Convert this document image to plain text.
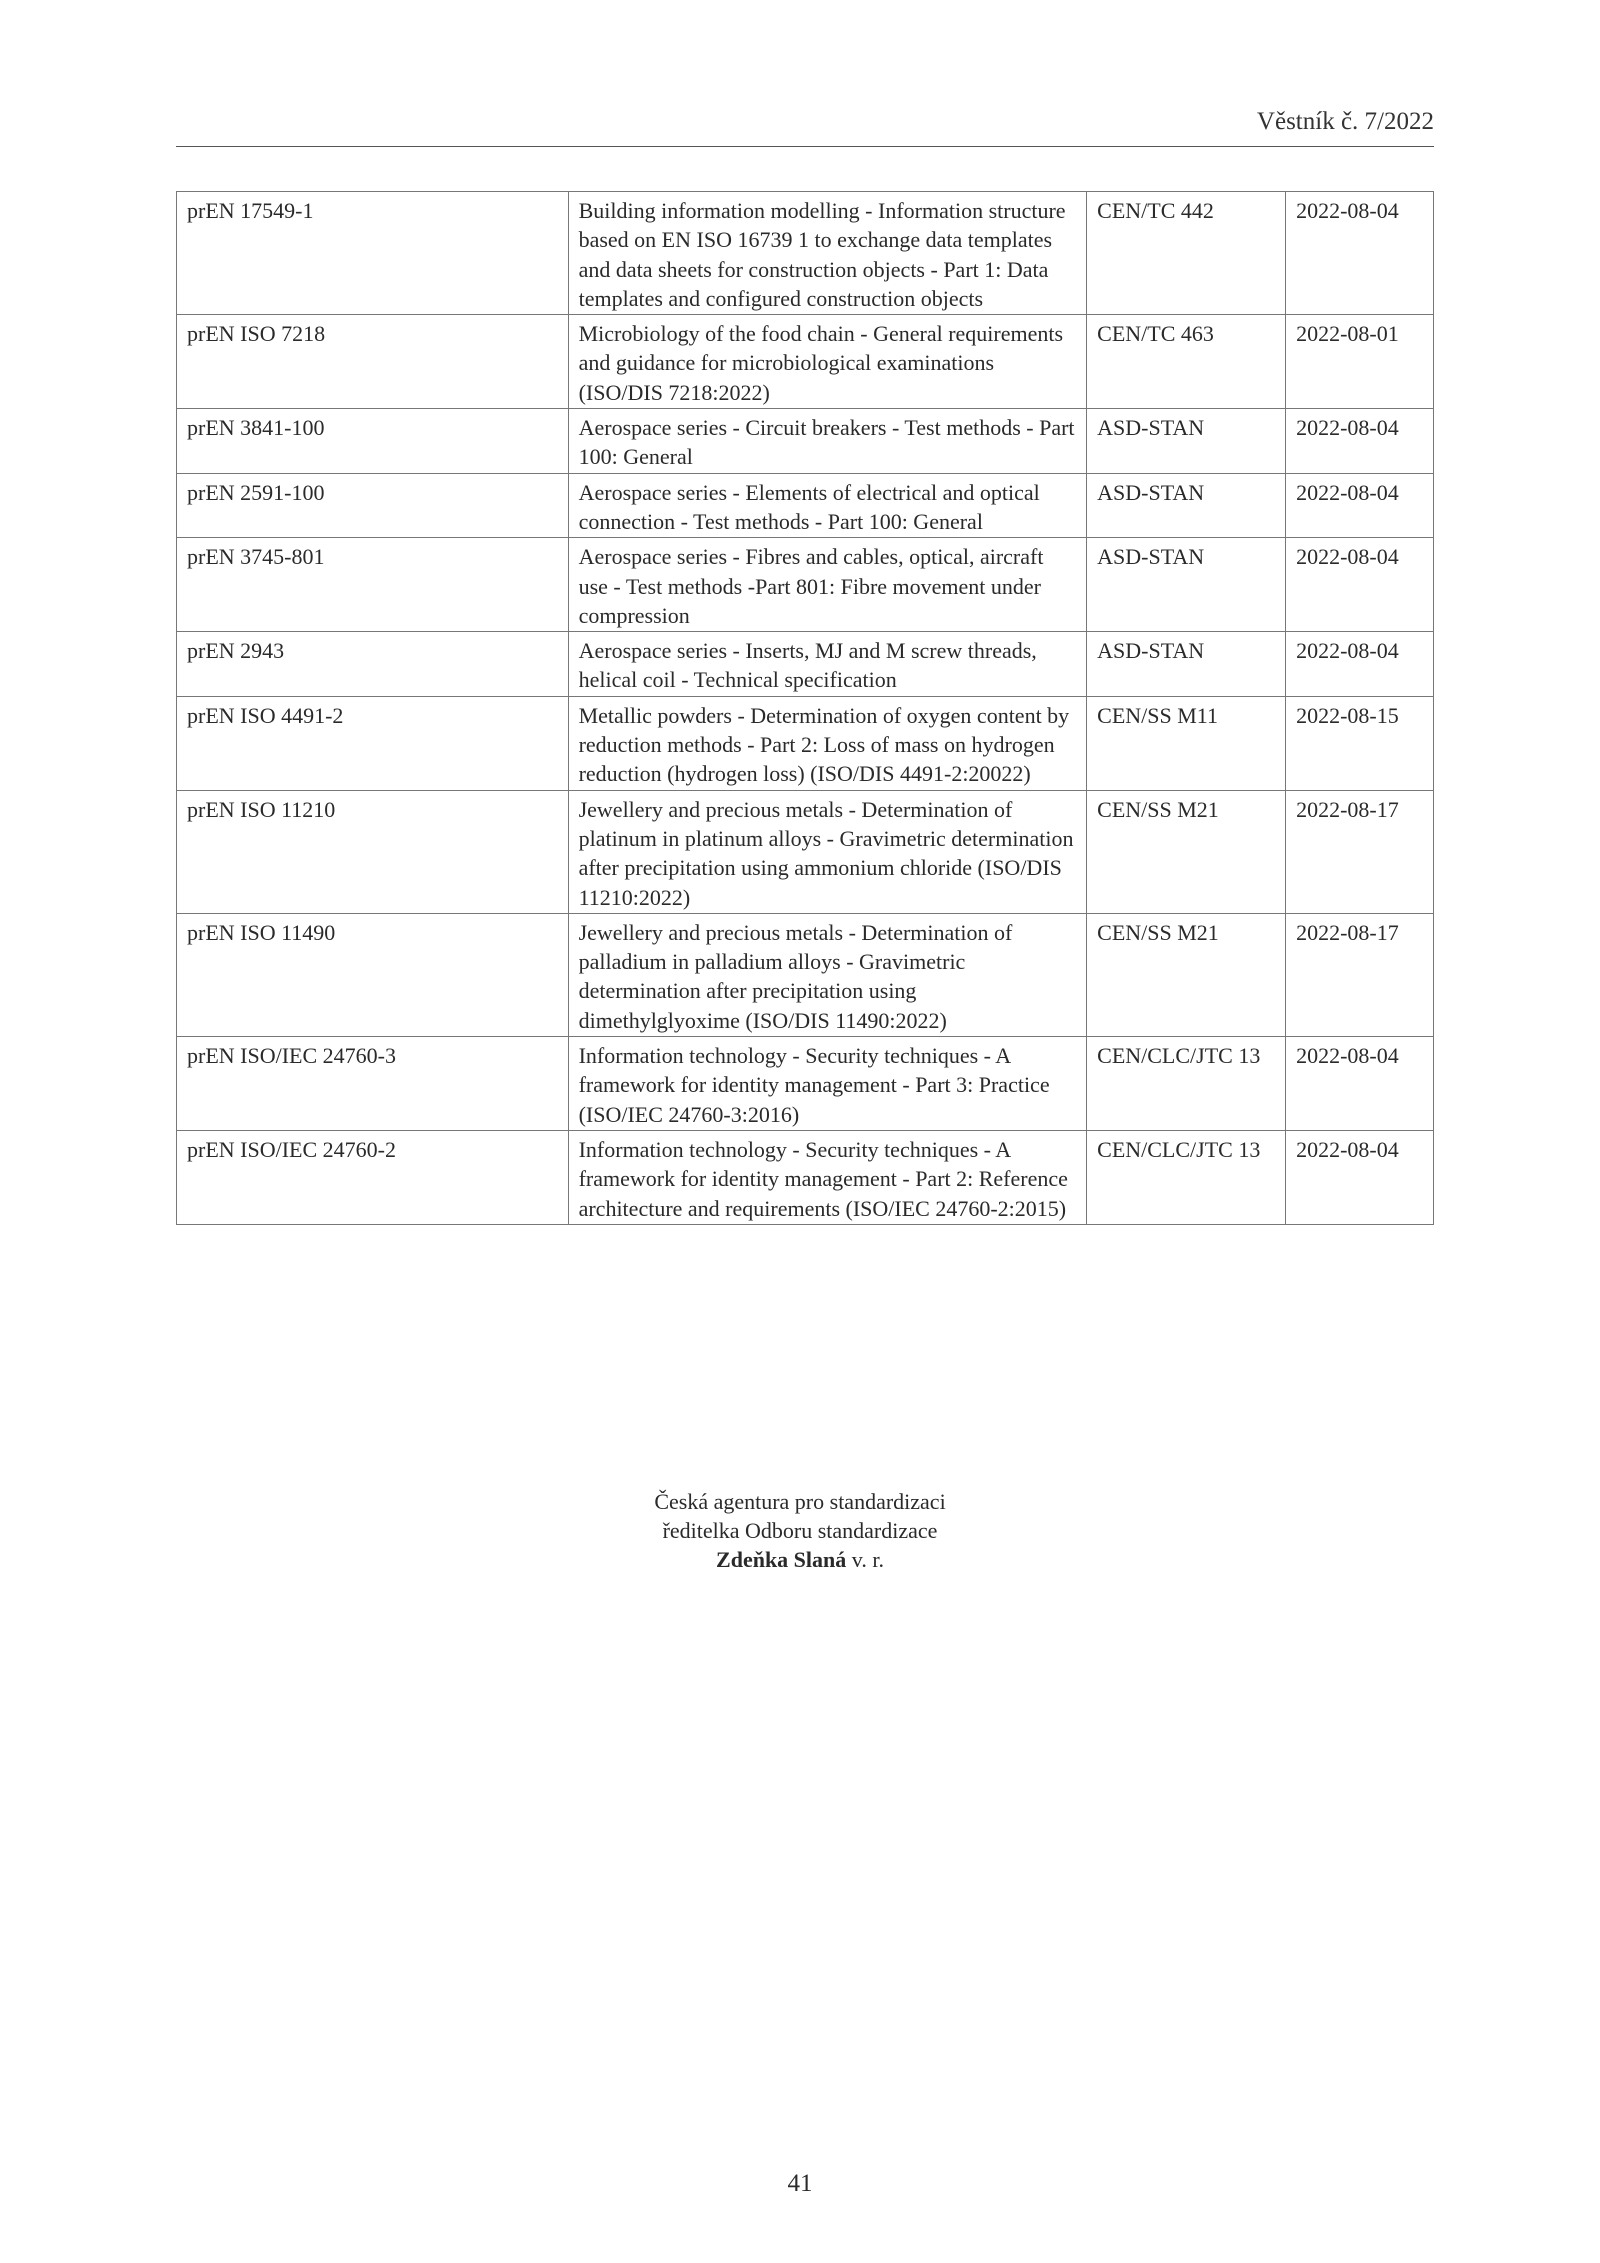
Věstník č. 7/2022
prEN 17549-1	Building information modelling - Information structure based on EN ISO 16739 1 to exchange data templates and data sheets for construction objects - Part 1: Data templates and configured construction objects	CEN/TC 442	2022-08-04
prEN ISO 7218	Microbiology of the food chain - General requirements and guidance for microbiological examinations (ISO/DIS 7218:2022)	CEN/TC 463	2022-08-01
prEN 3841-100	Aerospace series - Circuit breakers - Test methods - Part 100: General	ASD-STAN	2022-08-04
prEN 2591-100	Aerospace series - Elements of electrical and optical connection - Test methods - Part 100: General	ASD-STAN	2022-08-04
prEN 3745-801	Aerospace series - Fibres and cables, optical, aircraft use - Test methods -Part 801: Fibre movement under compression	ASD-STAN	2022-08-04
prEN 2943	Aerospace series - Inserts, MJ and M screw threads, helical coil - Technical specification	ASD-STAN	2022-08-04
prEN ISO 4491-2	Metallic powders - Determination of oxygen content by reduction methods - Part 2: Loss of mass on hydrogen reduction (hydrogen loss) (ISO/DIS 4491-2:20022)	CEN/SS M11	2022-08-15
prEN ISO 11210	Jewellery and precious metals - Determination of platinum in platinum alloys - Gravimetric determination after precipitation using ammonium chloride (ISO/DIS 11210:2022)	CEN/SS M21	2022-08-17
prEN ISO 11490	Jewellery and precious metals - Determination of palladium in palladium alloys - Gravimetric determination after precipitation using dimethylglyoxime (ISO/DIS 11490:2022)	CEN/SS M21	2022-08-17
prEN ISO/IEC 24760-3	Information technology - Security techniques - A framework for identity management - Part 3: Practice (ISO/IEC 24760-3:2016)	CEN/CLC/JTC 13	2022-08-04
prEN ISO/IEC 24760-2	Information technology - Security techniques - A framework for identity management - Part 2: Reference architecture and requirements (ISO/IEC 24760-2:2015)	CEN/CLC/JTC 13	2022-08-04
Česká agentura pro standardizaci
ředitelka Odboru standardizace
Zdeňka Slaná v. r.
41
